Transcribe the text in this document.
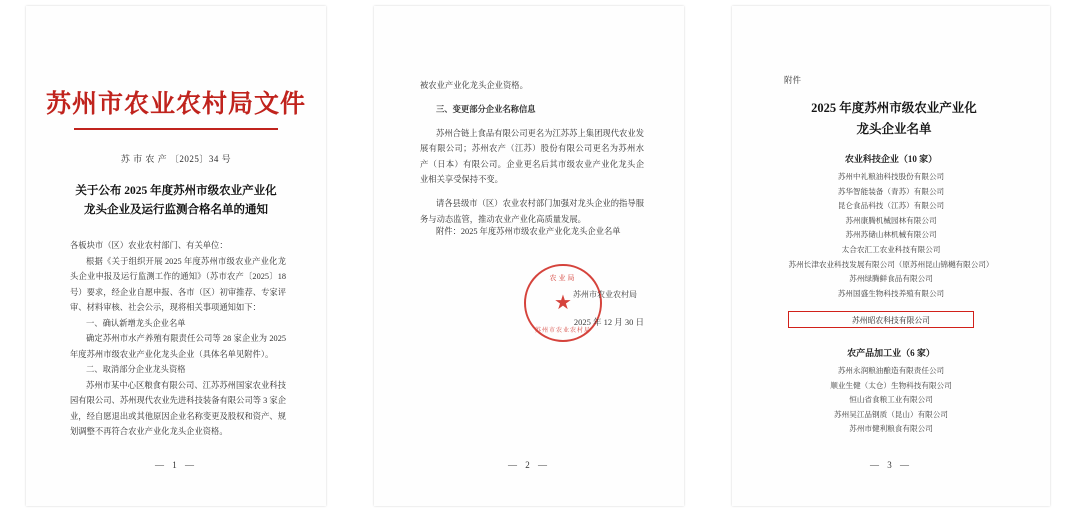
苏州市农业农村局文件
苏 市 农 产 〔2025〕34 号
关于公布 2025 年度苏州市级农业产业化
龙头企业及运行监测合格名单的通知

各板块市（区）农业农村部门、有关单位：

根据《关于组织开展 2025 年度苏州市级农业产业化龙头企业申报及运行监测工作的通知》（苏市农产〔2025〕18 号）要求，经企业自愿申报、各市（区）初审推荐、专家评审、材料审核、社会公示，现将相关事项通知如下：

一、确认新增龙头企业名单

确定苏州市水产养殖有限责任公司等 28 家企业为 2025 年度苏州市级农业产业化龙头企业（具体名单见附件）。

二、取消部分企业龙头资格

苏州市某中心区粮食有限公司、江苏苏州国家农业科技园有限公司、苏州现代农业先进科技装备有限公司等 3 家企业，经自愿退出或其他原因企业名称变更及股权和资产、规划调整不再符合农业产业化龙头企业资格。

— 1 —

被农业产业化龙头企业资格。

三、变更部分企业名称信息

苏州合链上食品有限公司更名为江苏苏上集团现代农业发展有限公司；苏州农产（江苏）股份有限公司更名为苏州水产（日本）有限公司。企业更名后其市级农业产业化龙头企业相关享受保持不变。

请各县级市（区）农业农村部门加强对龙头企业的指导服务与动态监管，推动农业产业化高质量发展。

附件：2025 年度苏州市级农业产业化龙头企业名单
农业局
★
苏州市农业农村局
苏州市农业农村局
2025 年 12 月 30 日
— 2 —
附件
2025 年度苏州市级农业产业化
龙头企业名单
农业科技企业（10 家）
苏州中礼粮油科技股份有限公司
苏华智能装备（青苏）有限公司
昆仑食品科技（江苏）有限公司
苏州康腾机械园林有限公司
苏州苏储山林机械有限公司
太合农汇工农业科技有限公司
苏州长津农业科技发展有限公司（原苏州昆山锦樾有限公司）
苏州绿腾鲜食品有限公司
苏州国盛生物科技养殖有限公司
苏州昭农科技有限公司
农产品加工业（6 家）
苏州永润粮油酿造有限责任公司
顺业生健（太仓）生物科技有限公司
恒山省食粮工业有限公司
苏州吴江品钢质（昆山）有限公司
苏州市健利粮食有限公司
— 3 —
